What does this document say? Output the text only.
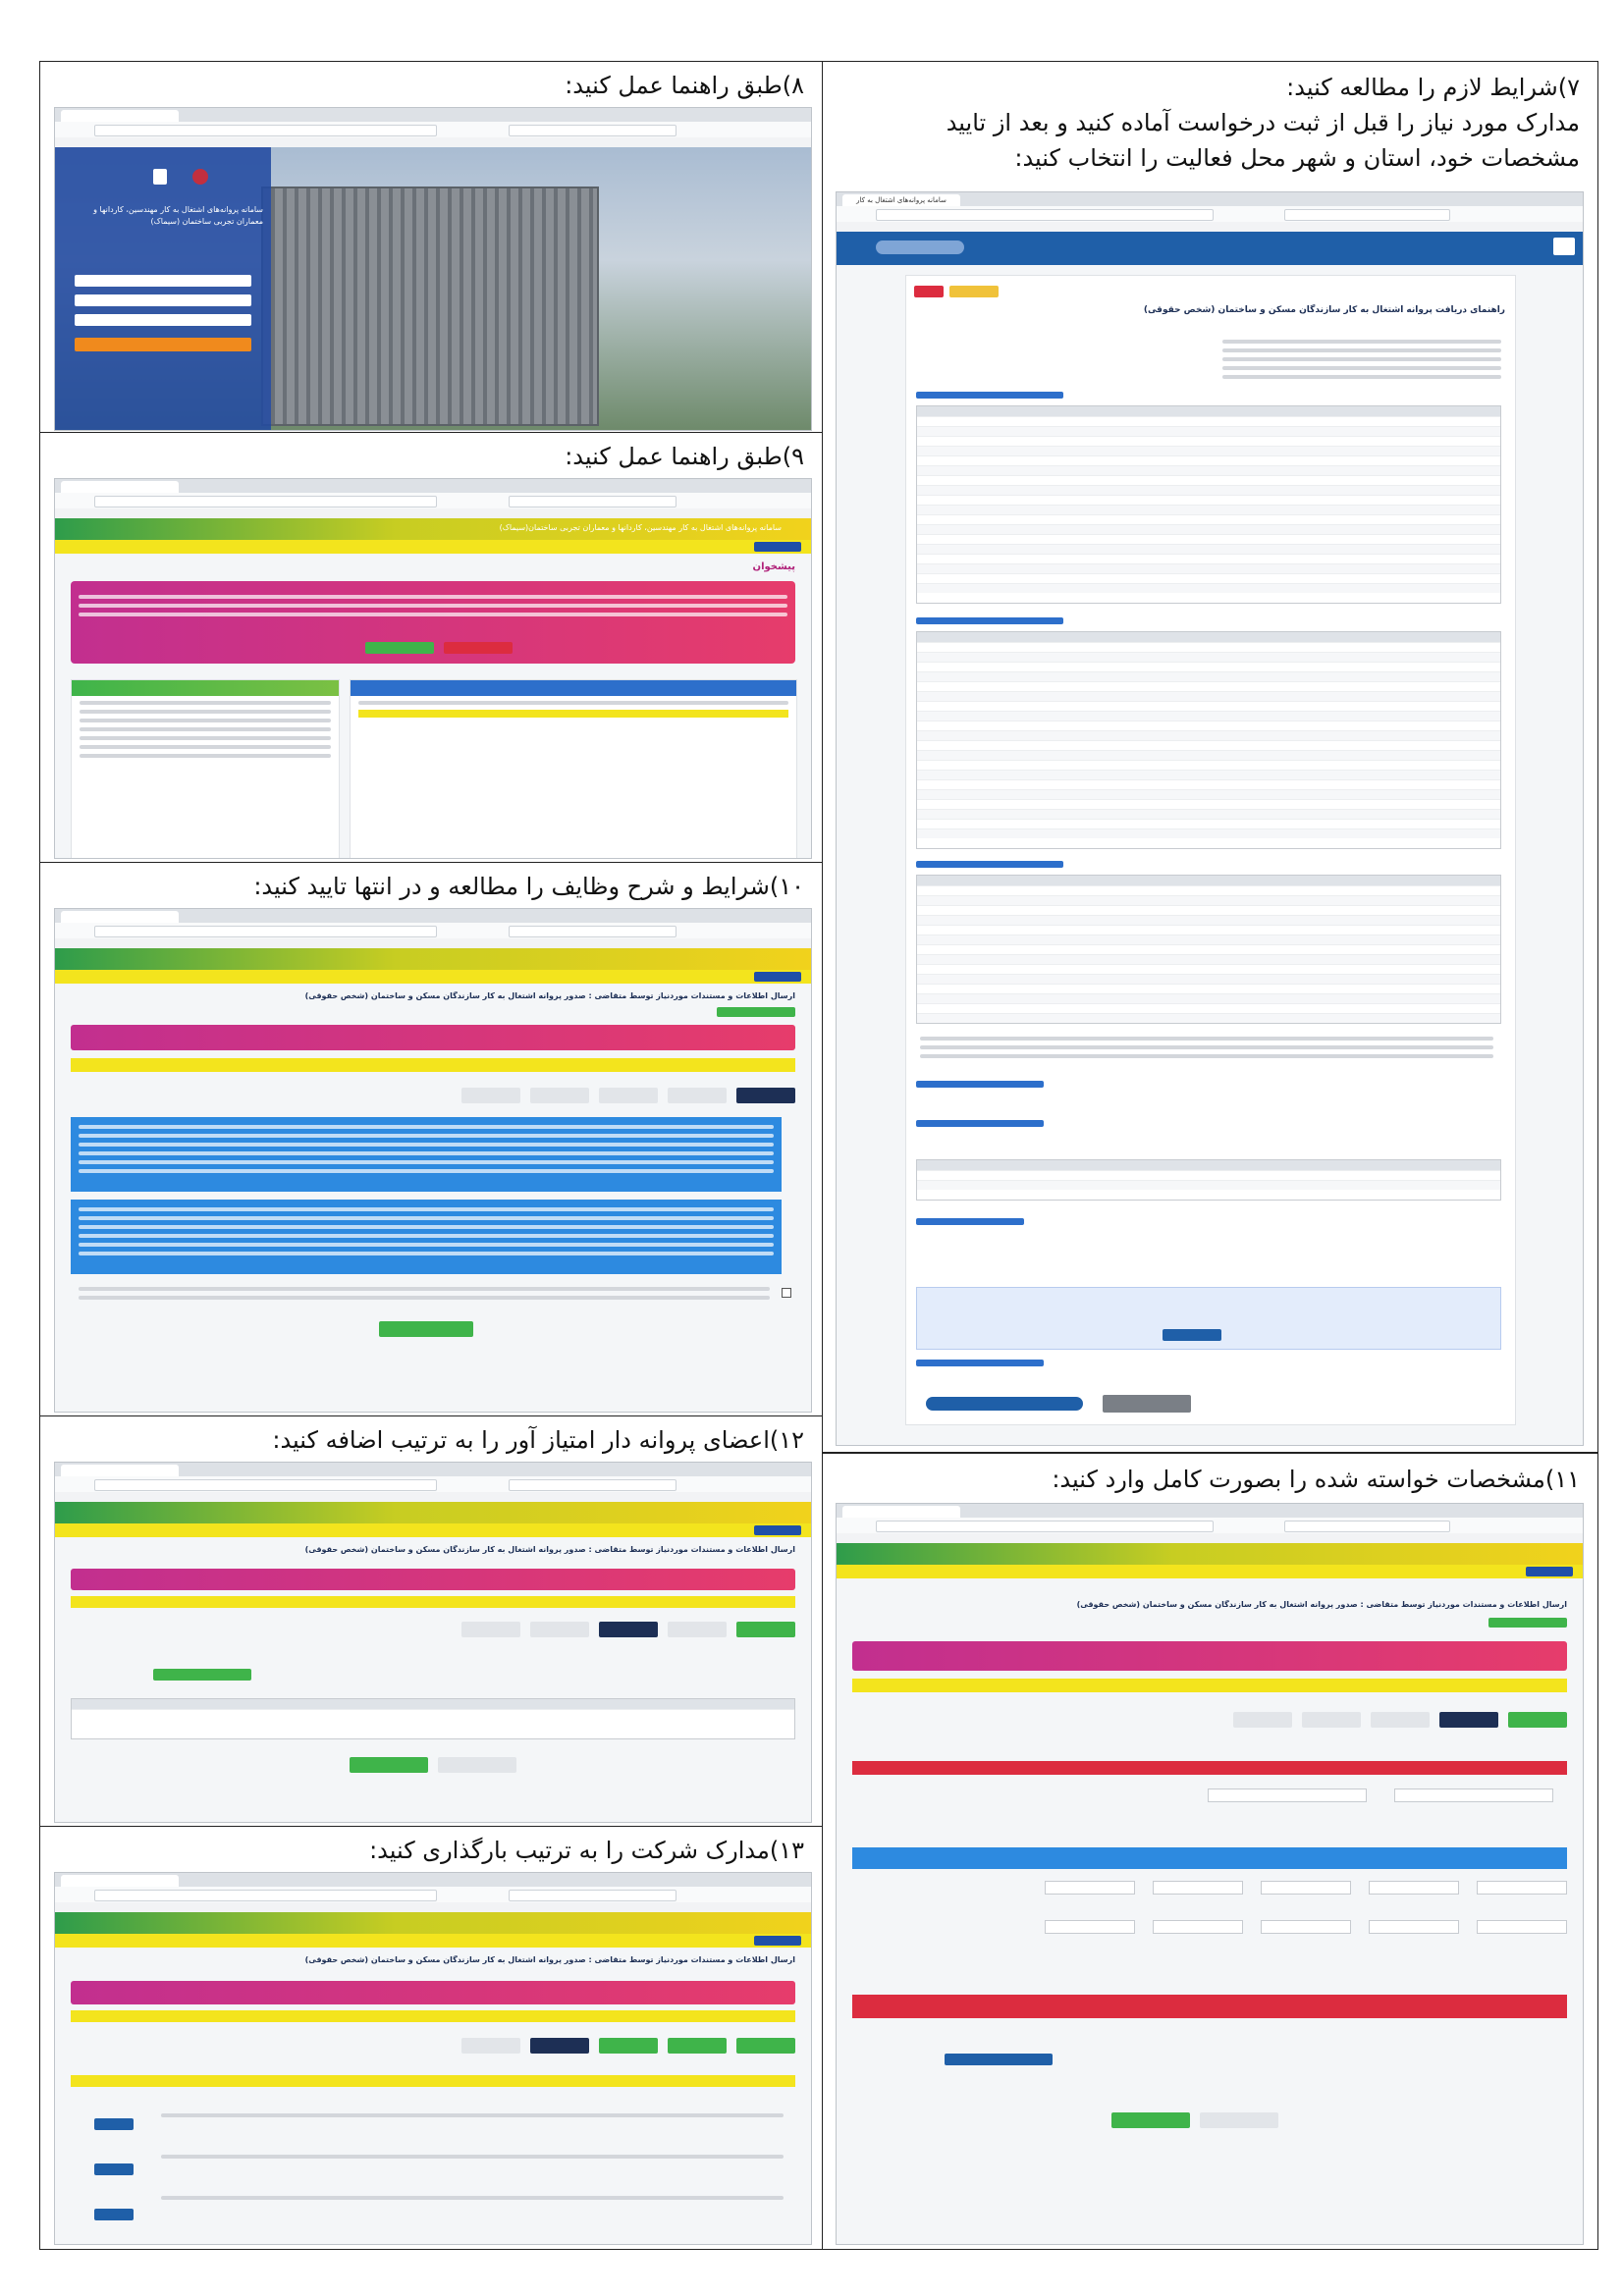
۷)شرایط لازم را مطالعه کنید:
مدارک مورد نیاز را قبل از ثبت درخواست آماده کنید و بعد از تایید
مشخصات خود، استان و شهر محل فعالیت را انتخاب کنید:
سامانه پروانه‌های اشتغال به کار
راهنمای دریافت پروانه اشتغال به کار سازندگان مسکن و ساختمان (شخص حقوقی)
۸)طبق راهنما عمل کنید:
سامانه پروانه‌های اشتغال به کار مهندسین، کاردانها و معماران تجربی ساختمان (سیماک)
۹)طبق راهنما عمل کنید:
سامانه پروانه‌های اشتغال به کار مهندسین، کاردانها و معماران تجربی ساختمان(سیماک)
پیشخوان
۱۰)شرایط و شرح وظایف را مطالعه و در انتها تایید کنید:
ارسال اطلاعات و مستندات موردنیاز توسط متقاضی : صدور پروانه اشتغال به کار سازندگان مسکن و ساختمان (شخص حقوقی)
۱۱)مشخصات خواسته شده را بصورت کامل وارد کنید:
ارسال اطلاعات و مستندات موردنیاز توسط متقاضی : صدور پروانه اشتغال به کار سازندگان مسکن و ساختمان (شخص حقوقی)
۱۲)اعضای پروانه دار امتیاز آور را به ترتیب اضافه کنید:
ارسال اطلاعات و مستندات موردنیاز توسط متقاضی : صدور پروانه اشتغال به کار سازندگان مسکن و ساختمان (شخص حقوقی)
۱۳)مدارک شرکت را به ترتیب بارگذاری کنید:
ارسال اطلاعات و مستندات موردنیاز توسط متقاضی : صدور پروانه اشتغال به کار سازندگان مسکن و ساختمان (شخص حقوقی)
